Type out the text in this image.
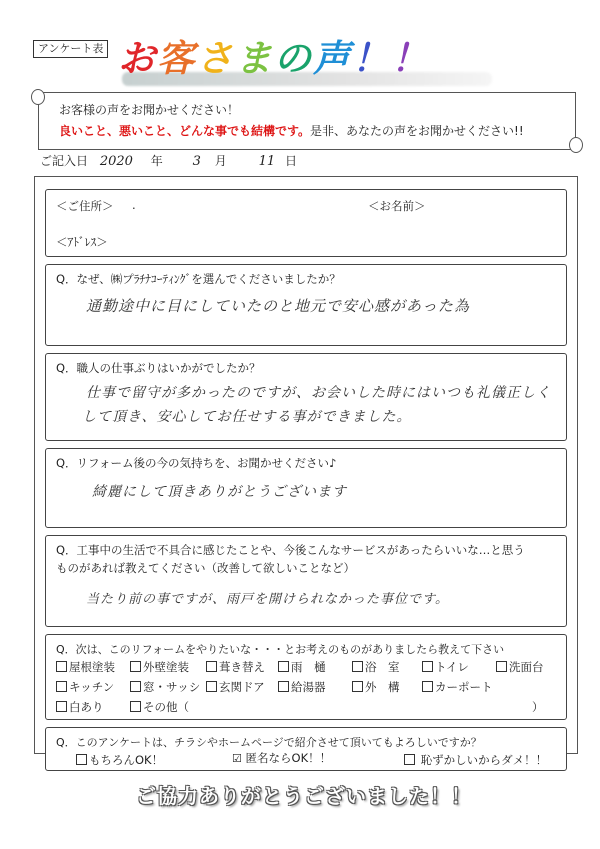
アンケート表 お客さまの声！！
お客様の声をお聞かせください！
良いこと、悪いこと、どんな事でも結構です。是非、あなたの声をお聞かせください!!
ご記入日 2020 年 3 月 11 日
＜ご住所＞ .	＜お名前＞
＜ｱﾄﾞﾚｽ＞
Q．なぜ、㈱プﾗﾁﾅｺｰﾃｨﾝｸﾞを選んでくださいましたか？
通勤途中に目にしていたのと地元で安心感があった為
Q．職人の仕事ぶりはいかがでしたか？
仕事で留守が多かったのですが、お会いした時にはいつも礼儀正しく
して頂き、安心してお任せする事ができました。
Q．リフォーム後の今の気持ちを、お聞かせください♪
綺麗にして頂きありがとうございます
Q．工事中の生活で不具合に感じたことや、今後こんなサービスがあったらいいな…と思う
ものがあれば教えてください（改善して欲しいことなど）
当たり前の事ですが、雨戸を開けられなかった事位です。
Q．次は、このリフォームをやりたいな・・・とお考えのものがありましたら教えて下さい
屋根塗装	外壁塗装	葺き替え	雨　樋	浴　室	トイレ	洗面台
キッチン	窓・サッシ	玄関ドア	給湯器	外　構	カーポート
白あり	その他（	）
Q．このアンケートは、チラシやホームページで紹介させて頂いてもよろしいですか？
もちろんOK！	☑ 匿名ならOK！！	恥ずかしいからダメ！！
ご協力ありがとうございました！！
